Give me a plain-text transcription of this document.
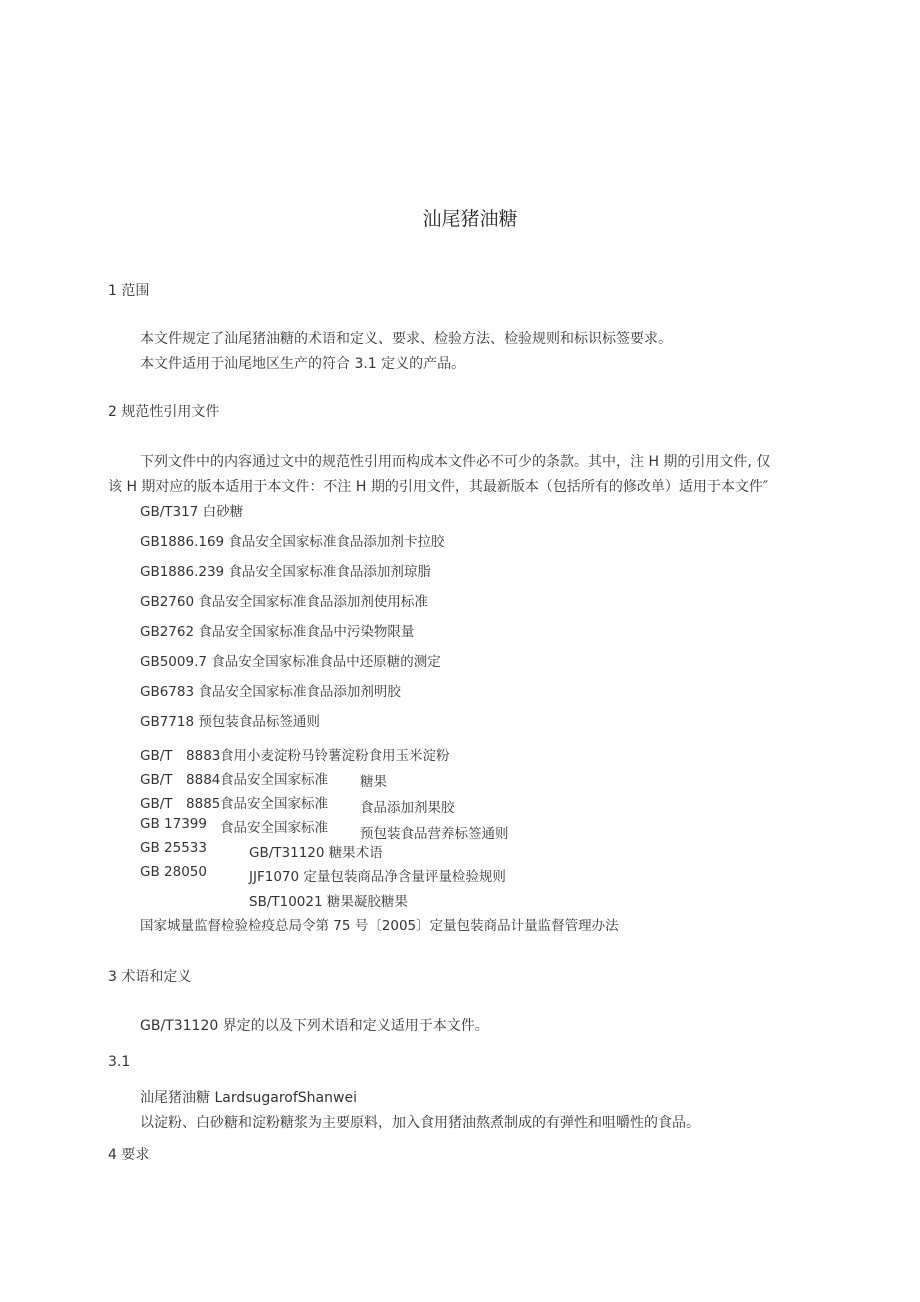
汕尾猪油糖
1 范围
本文件规定了汕尾猪油糖的术语和定义、要求、检验方法、检验规则和标识标签要求。
本文件适用于汕尾地区生产的符合 3.1 定义的产品。
2 规范性引用文件
下列文件中的内容通过文中的规范性引用而构成本文件必不可少的条款。其中，注 H 期的引用文件, 仅
该 H 期对应的版本适用于本文件：不注 H 期的引用文件，其最新版本（包括所有的修改单）适用于本文件″
GB/T317 白砂糖
GB1886.169 食品安全国家标准食品添加剂卡拉胶
GB1886.239 食品安全国家标准食品添加剂琼脂
GB2760 食品安全国家标准食品添加剂使用标准
GB2762 食品安全国家标准食品中污染物限量
GB5009.7 食品安全国家标准食品中还原糖的测定
GB6783 食品安全国家标准食品添加剂明胶
GB7718 预包装食品标签通则
GB/T　8883
GB/T　8884
GB/T　8885
GB 17399
GB 25533
GB 28050
食用小麦淀粉马铃薯淀粉食用玉米淀粉
食品安全国家标准
食品安全国家标准
食品安全国家标准
糖果
食品添加剂果胶
预包装食品营养标签通则
GB/T31120 糖果术语
JJF1070 定量包装商品净含量评量检验规则
SB/T10021 糖果凝胶糖果
国家城量监督检验检疫总局令第 75 号〔2005〕定量包装商品计量监督管理办法
3 术语和定义
GB/T31120 界定的以及下列术语和定义适用于本文件。
3.1
汕尾猪油糖 LardsugarofShanwei
以淀粉、白砂糖和淀粉糖浆为主要原料，加入食用猪油熬煮制成的有弹性和咀嚼性的食品。
4 要求
